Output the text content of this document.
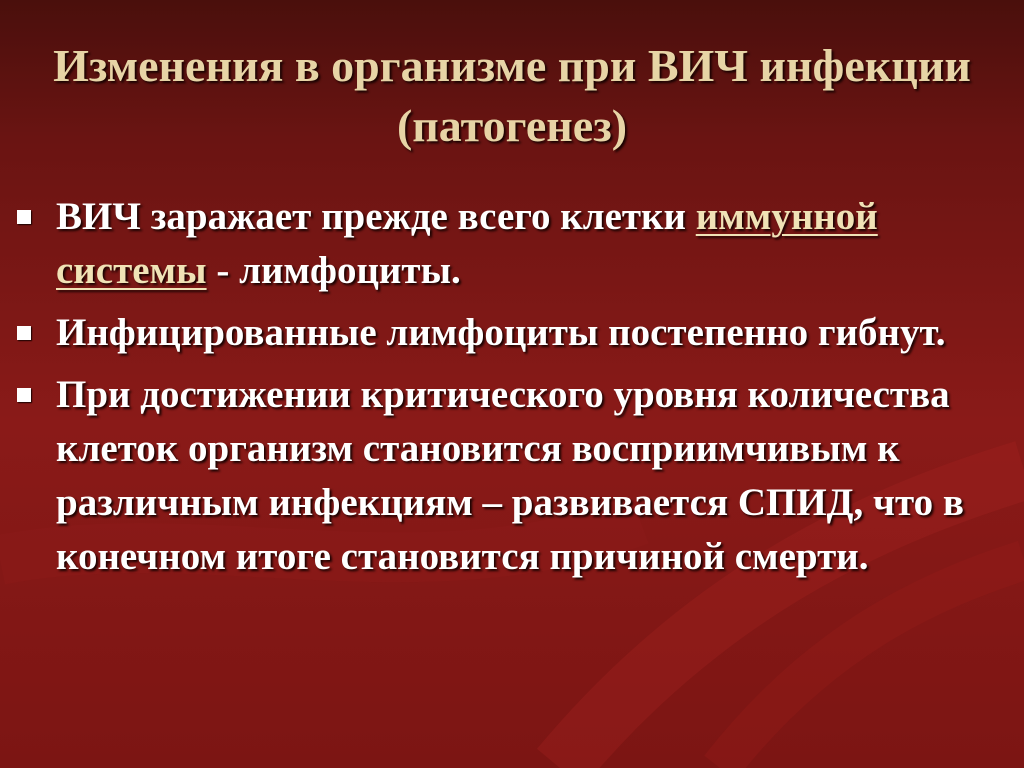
Изменения в организме при ВИЧ инфекции (патогенез)
ВИЧ заражает прежде всего клетки иммунной системы - лимфоциты.
Инфицированные лимфоциты постепенно гибнут.
При достижении критического уровня количества клеток организм становится восприимчивым к различным инфекциям – развивается СПИД, что в конечном итоге становится причиной смерти.
